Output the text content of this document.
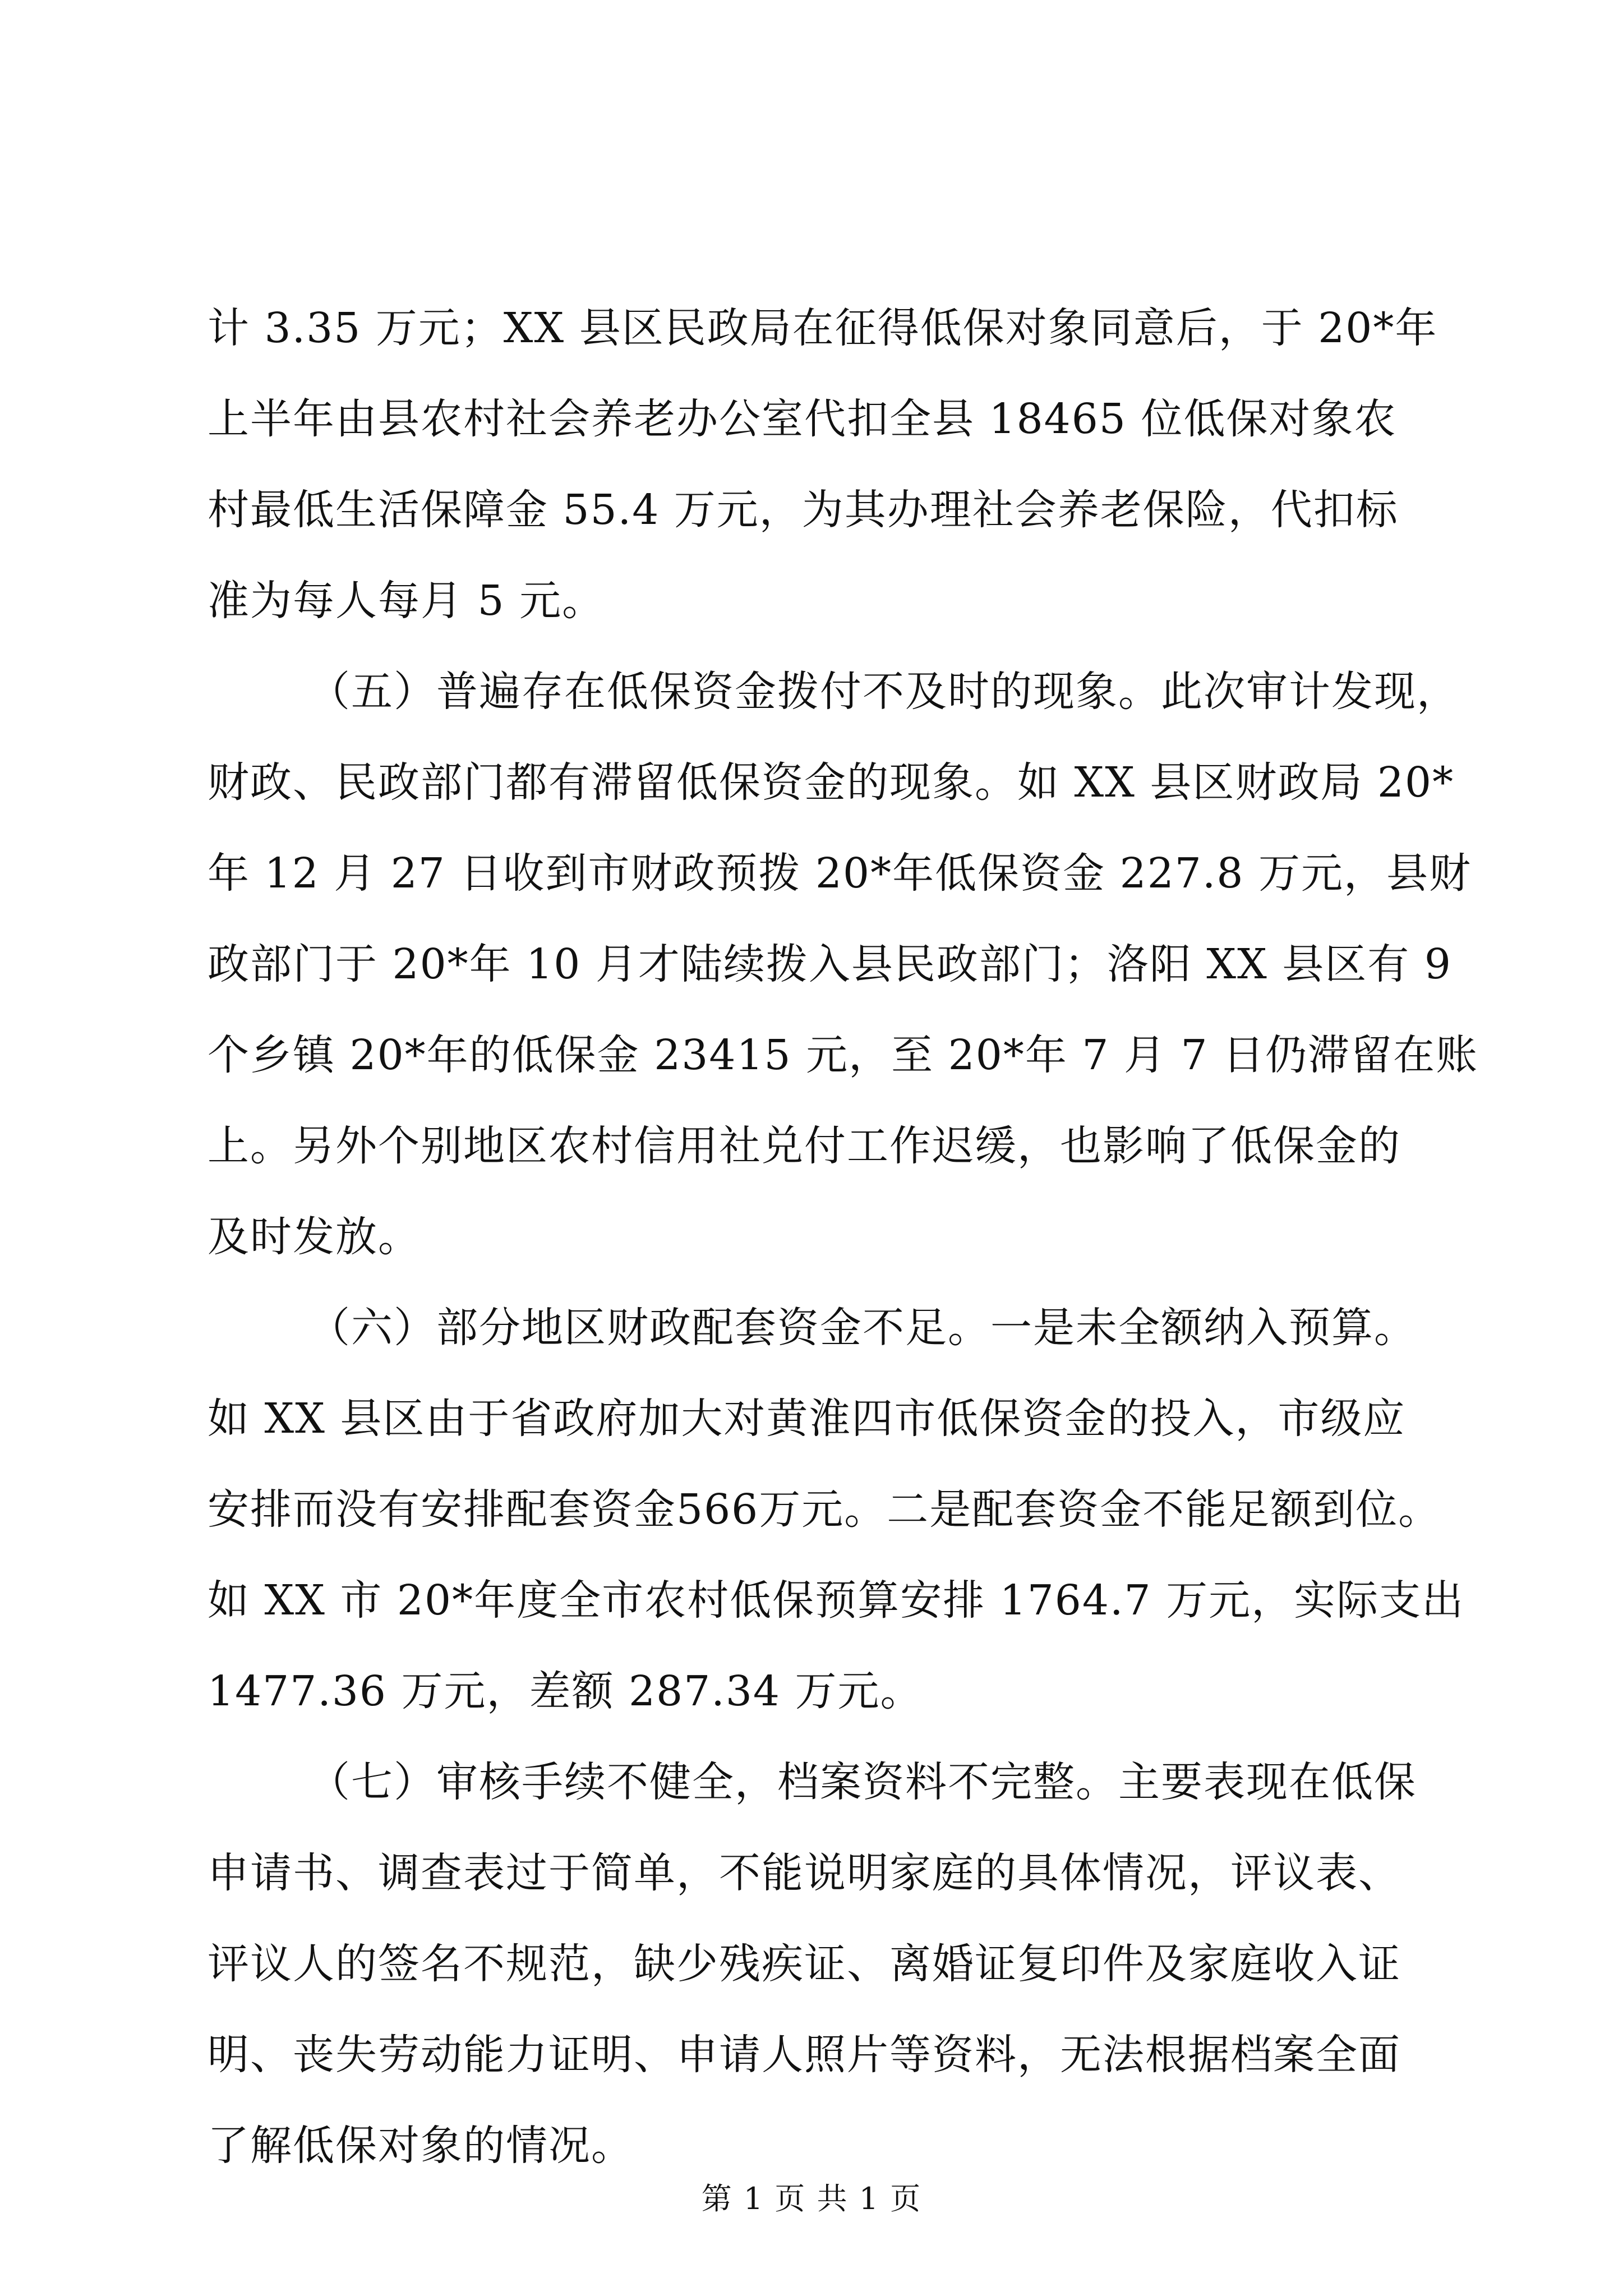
计 3.35 万元；XX 县区民政局在征得低保对象同意后，于 20*年
上半年由县农村社会养老办公室代扣全县 18465 位低保对象农
村最低生活保障金 55.4 万元，为其办理社会养老保险，代扣标
准为每人每月 5 元。
（五）普遍存在低保资金拨付不及时的现象。此次审计发现，
财政、民政部门都有滞留低保资金的现象。如 XX 县区财政局 20*
年 12 月 27 日收到市财政预拨 20*年低保资金 227.8 万元，县财
政部门于 20*年 10 月才陆续拨入县民政部门；洛阳 XX 县区有 9
个乡镇 20*年的低保金 23415 元，至 20*年 7 月 7 日仍滞留在账
上。另外个别地区农村信用社兑付工作迟缓，也影响了低保金的
及时发放。
（六）部分地区财政配套资金不足。一是未全额纳入预算。
如 XX 县区由于省政府加大对黄淮四市低保资金的投入，市级应
安排而没有安排配套资金566万元。二是配套资金不能足额到位。
如 XX 市 20*年度全市农村低保预算安排 1764.7 万元，实际支出
1477.36 万元，差额 287.34 万元。
（七）审核手续不健全，档案资料不完整。主要表现在低保
申请书、调查表过于简单，不能说明家庭的具体情况，评议表、
评议人的签名不规范，缺少残疾证、离婚证复印件及家庭收入证
明、丧失劳动能力证明、申请人照片等资料，无法根据档案全面
了解低保对象的情况。
第 1 页 共 1 页
